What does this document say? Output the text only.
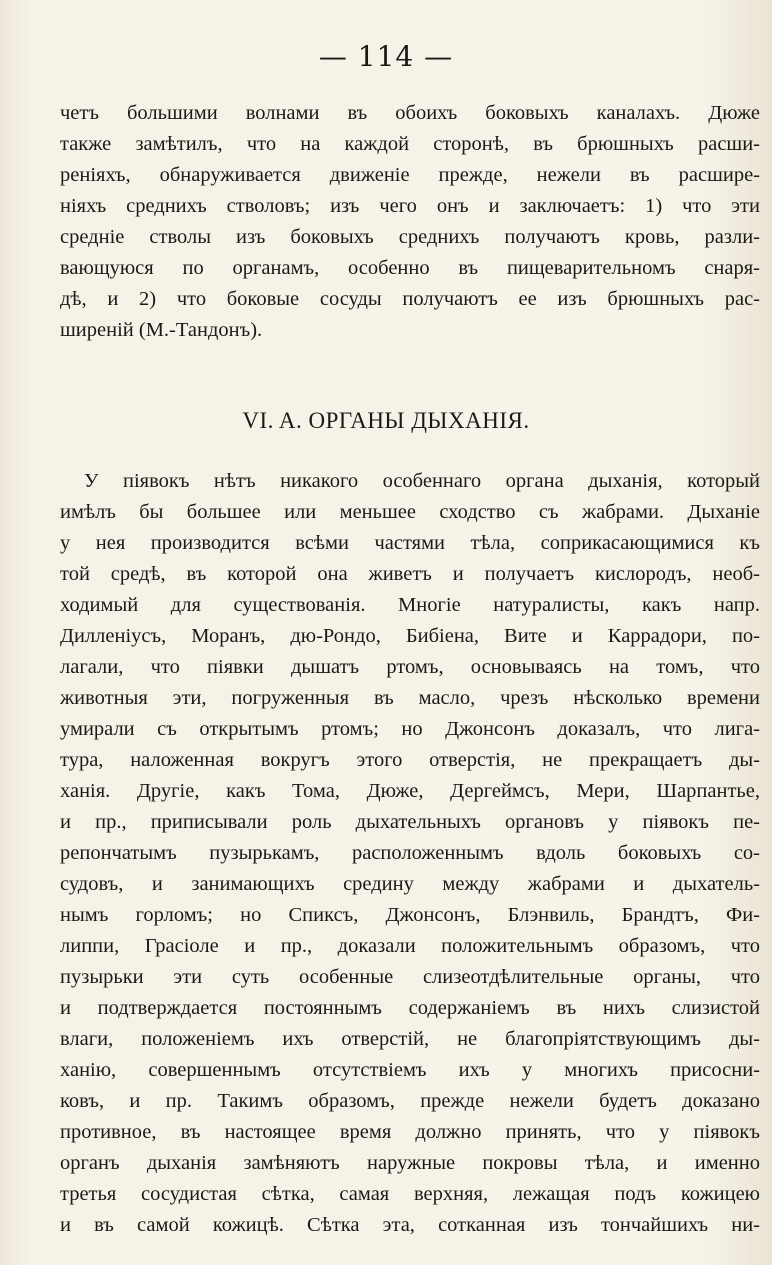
— 114 —
четъ большими волнами въ обоихъ боковыхъ каналахъ. Дюже
также замѣтилъ, что на каждой сторонѣ, въ брюшныхъ расши-
реніяхъ, обнаруживается движеніе прежде, нежели въ расшире-
ніяхъ среднихъ стволовъ; изъ чего онъ и заключаетъ: 1) что эти
средніе стволы изъ боковыхъ среднихъ получаютъ кровь, разли-
вающуюся по органамъ, особенно въ пищеварительномъ снаря-
дѣ, и 2) что боковые сосуды получаютъ ее изъ брюшныхъ рас-
ширеній (М.-Тандонъ).
VI. A. ОРГАНЫ ДЫХАНІЯ.
У піявокъ нѣтъ никакого особеннаго органа дыханія, который
имѣлъ бы большее или меньшее сходство съ жабрами. Дыханіе
у нея производится всѣми частями тѣла, соприкасающимися къ
той средѣ, въ которой она живетъ и получаетъ кислородъ, необ-
ходимый для существованія. Многіе натуралисты, какъ напр.
Дилленіусъ, Моранъ, дю-Рондо, Бибіена, Вите и Каррадори, по-
лагали, что піявки дышатъ ртомъ, основываясь на томъ, что
животныя эти, погруженныя въ масло, чрезъ нѣсколько времени
умирали съ открытымъ ртомъ; но Джонсонъ доказалъ, что лига-
тура, наложенная вокругъ этого отверстія, не прекращаетъ ды-
ханія. Другіе, какъ Тома, Дюже, Дергеймсъ, Мери, Шарпантье,
и пр., приписывали роль дыхательныхъ органовъ у піявокъ пе-
репончатымъ пузырькамъ, расположеннымъ вдоль боковыхъ со-
судовъ, и занимающихъ средину между жабрами и дыхатель-
нымъ горломъ; но Спиксъ, Джонсонъ, Блэнвиль, Брандтъ, Фи-
липпи, Грасіоле и пр., доказали положительнымъ образомъ, что
пузырьки эти суть особенные слизеотдѣлительные органы, что
и подтверждается постояннымъ содержаніемъ въ нихъ слизистой
влаги, положеніемъ ихъ отверстій, не благопріятствующимъ ды-
ханію, совершеннымъ отсутствіемъ ихъ у многихъ присосни-
ковъ, и пр. Такимъ образомъ, прежде нежели будетъ доказано
противное, въ настоящее время должно принять, что у піявокъ
органъ дыханія замѣняютъ наружные покровы тѣла, и именно
третья сосудистая сѣтка, самая верхняя, лежащая подъ кожицею
и въ самой кожицѣ. Сѣтка эта, сотканная изъ тончайшихъ ни-
